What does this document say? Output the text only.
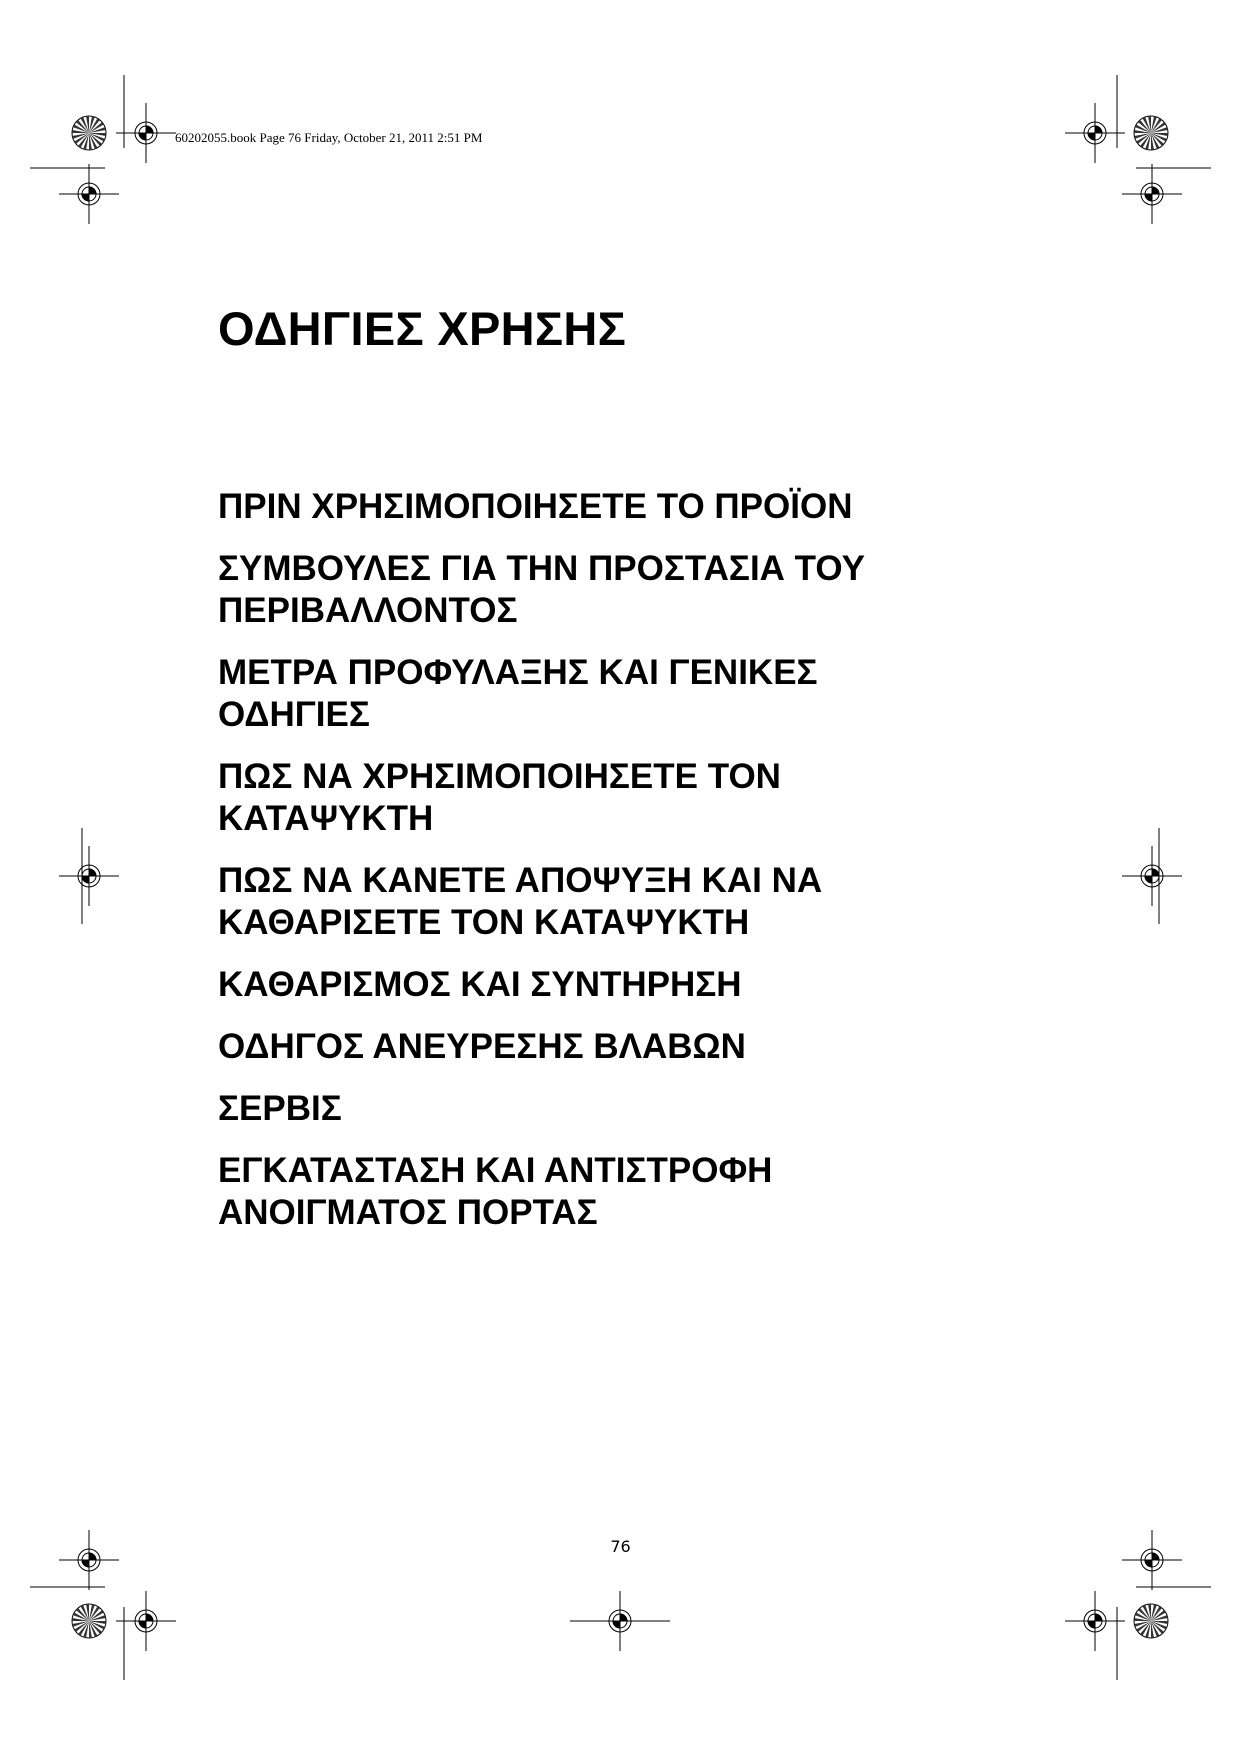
60202055.book Page 76 Friday, October 21, 2011 2:51 PM
ΟΔΗΓΙΕΣ ΧΡΗΣΗΣ
ΠΡΙΝ ΧΡΗΣΙΜΟΠΟΙΗΣΕΤΕ ΤΟ ΠΡΟΪΟΝ
ΣΥΜΒΟΥΛΕΣ ΓΙΑ ΤΗΝ ΠΡΟΣΤΑΣΙΑ ΤΟΥ
ΠΕΡΙΒΑΛΛΟΝΤΟΣ
ΜΕΤΡΑ ΠΡΟΦΥΛΑΞΗΣ ΚΑΙ ΓΕΝΙΚΕΣ
ΟΔΗΓΙΕΣ
ΠΩΣ ΝΑ ΧΡΗΣΙΜΟΠΟΙΗΣΕΤΕ ΤΟΝ
ΚΑΤΑΨΥΚΤΗ
ΠΩΣ ΝΑ ΚΑΝΕΤΕ ΑΠΟΨΥΞΗ ΚΑΙ ΝΑ
ΚΑΘΑΡΙΣΕΤΕ ΤΟΝ ΚΑΤΑΨΥΚΤΗ
ΚΑΘΑΡΙΣΜΟΣ ΚΑΙ ΣΥΝΤΗΡΗΣΗ
ΟΔΗΓΟΣ ΑΝΕΥΡΕΣΗΣ ΒΛΑΒΩΝ
ΣΕΡΒΙΣ
ΕΓΚΑΤΑΣΤΑΣΗ ΚΑΙ ΑΝΤΙΣΤΡΟΦΗ
ΑΝΟΙΓΜΑΤΟΣ ΠΟΡΤΑΣ
76
